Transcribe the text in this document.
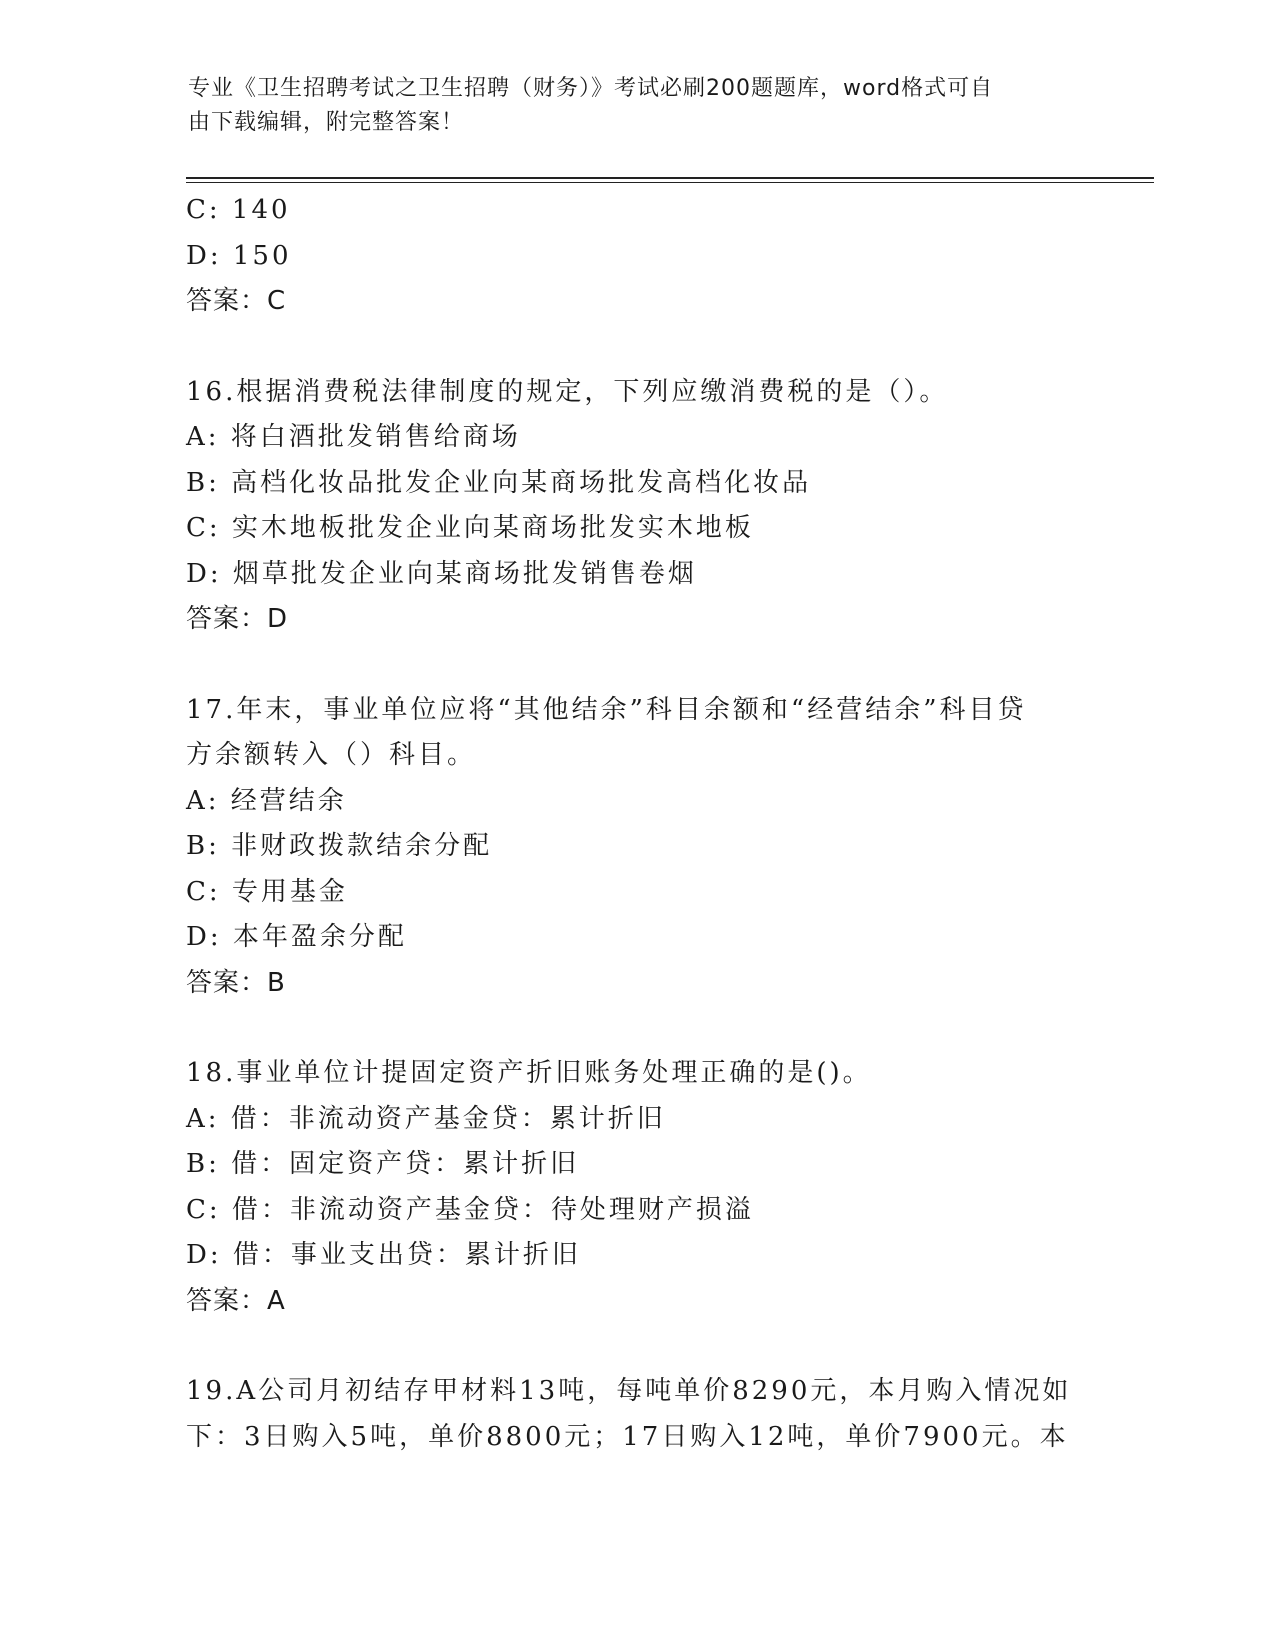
专业《卫生招聘考试之卫生招聘（财务）》考试必刷200题题库，word格式可自
由下载编辑，附完整答案！
C: 140
D: 150
答案：C
16.根据消费税法律制度的规定，下列应缴消费税的是（）。
A: 将白酒批发销售给商场
B: 高档化妆品批发企业向某商场批发高档化妆品
C: 实木地板批发企业向某商场批发实木地板
D: 烟草批发企业向某商场批发销售卷烟
答案：D
17.年末，事业单位应将“其他结余”科目余额和“经营结余”科目贷
方余额转入（）科目。
A: 经营结余
B: 非财政拨款结余分配
C: 专用基金
D: 本年盈余分配
答案：B
18.事业单位计提固定资产折旧账务处理正确的是()。
A: 借：非流动资产基金贷：累计折旧
B: 借：固定资产贷：累计折旧
C: 借：非流动资产基金贷：待处理财产损溢
D: 借：事业支出贷：累计折旧
答案：A
19.A公司月初结存甲材料13吨，每吨单价8290元，本月购入情况如
下：3日购入5吨，单价8800元；17日购入12吨，单价7900元。本
